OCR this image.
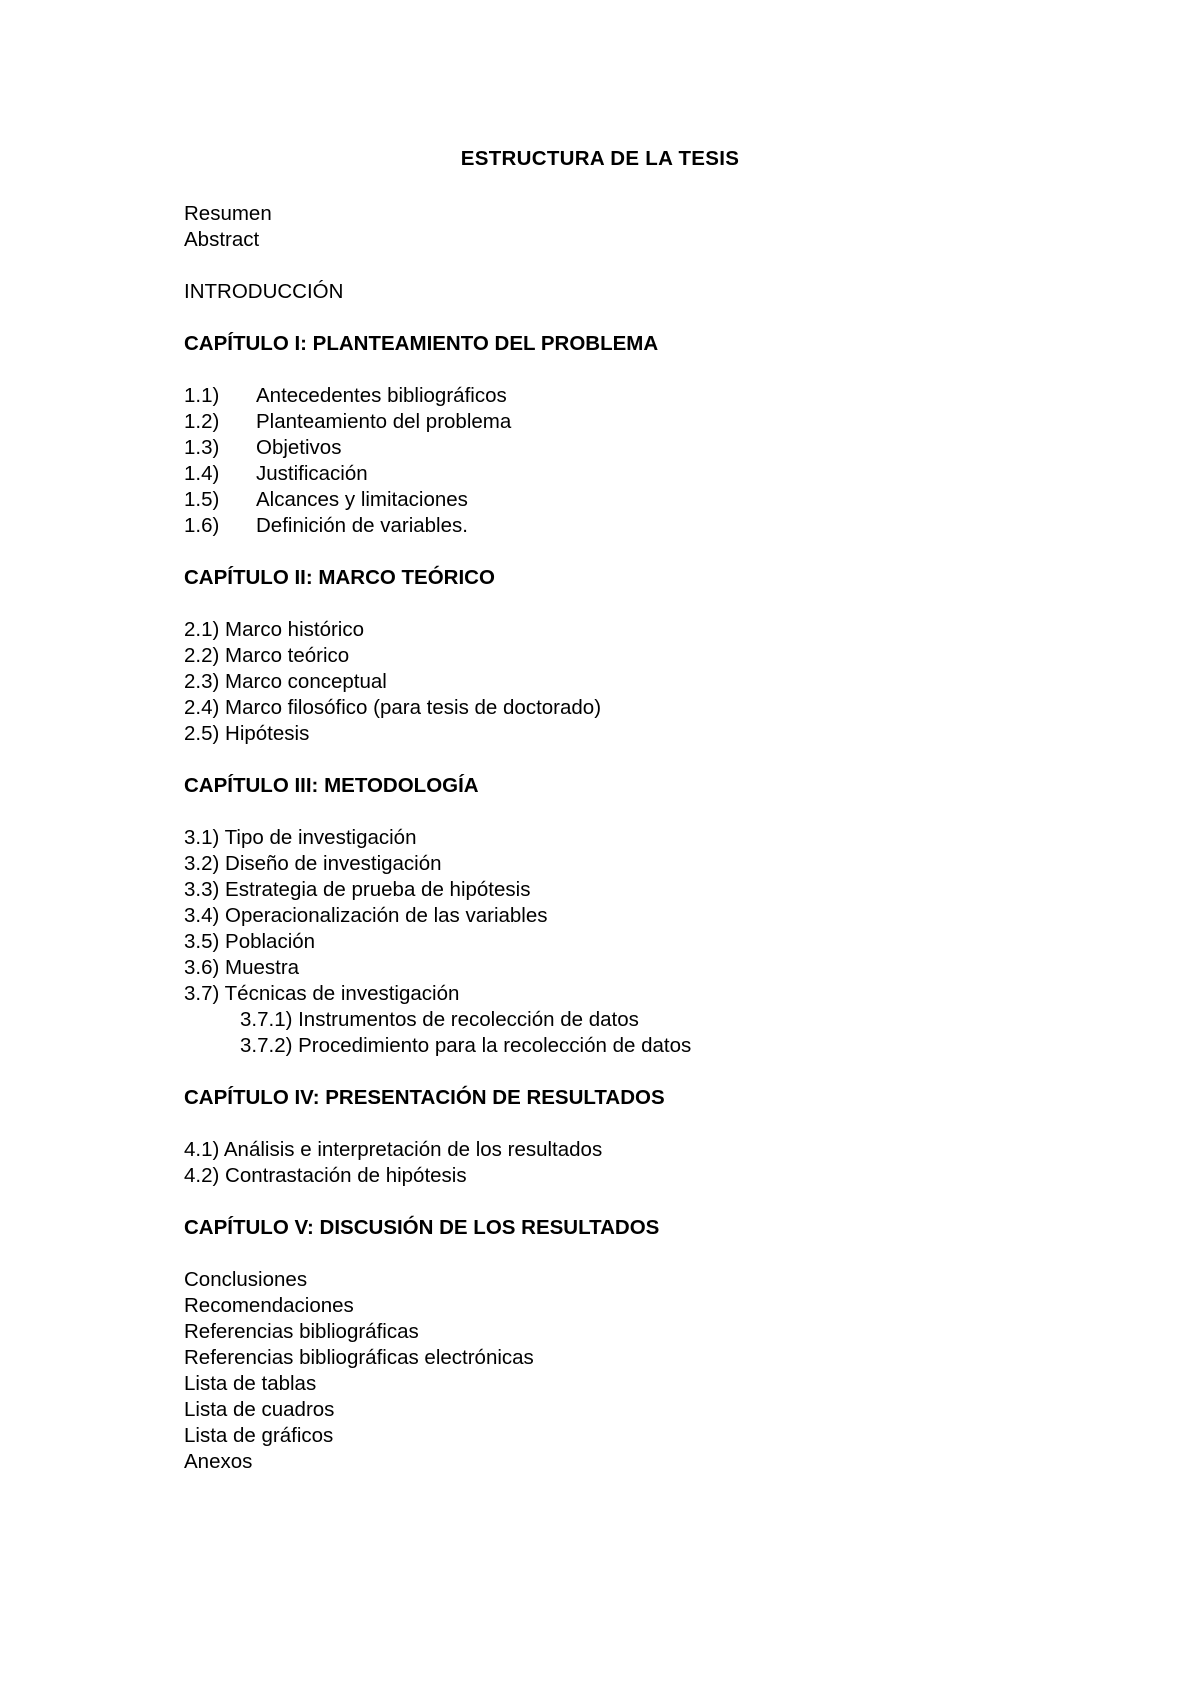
ESTRUCTURA DE LA TESIS
Resumen
Abstract
INTRODUCCIÓN
CAPÍTULO I: PLANTEAMIENTO DEL PROBLEMA
1.1) Antecedentes bibliográficos
1.2) Planteamiento del problema
1.3) Objetivos
1.4) Justificación
1.5) Alcances y limitaciones
1.6) Definición de variables.
CAPÍTULO II: MARCO TEÓRICO
2.1) Marco histórico
2.2) Marco teórico
2.3) Marco conceptual
2.4) Marco filosófico (para tesis de doctorado)
2.5) Hipótesis
CAPÍTULO III: METODOLOGÍA
3.1) Tipo de investigación
3.2) Diseño de investigación
3.3) Estrategia de prueba de hipótesis
3.4) Operacionalización de las variables
3.5) Población
3.6) Muestra
3.7) Técnicas de investigación
3.7.1) Instrumentos de recolección de datos
3.7.2) Procedimiento para la recolección de datos
CAPÍTULO IV: PRESENTACIÓN DE RESULTADOS
4.1) Análisis e interpretación de los resultados
4.2) Contrastación de hipótesis
CAPÍTULO V: DISCUSIÓN DE LOS RESULTADOS
Conclusiones
Recomendaciones
Referencias bibliográficas
Referencias bibliográficas electrónicas
Lista de tablas
Lista de cuadros
Lista de gráficos
Anexos
